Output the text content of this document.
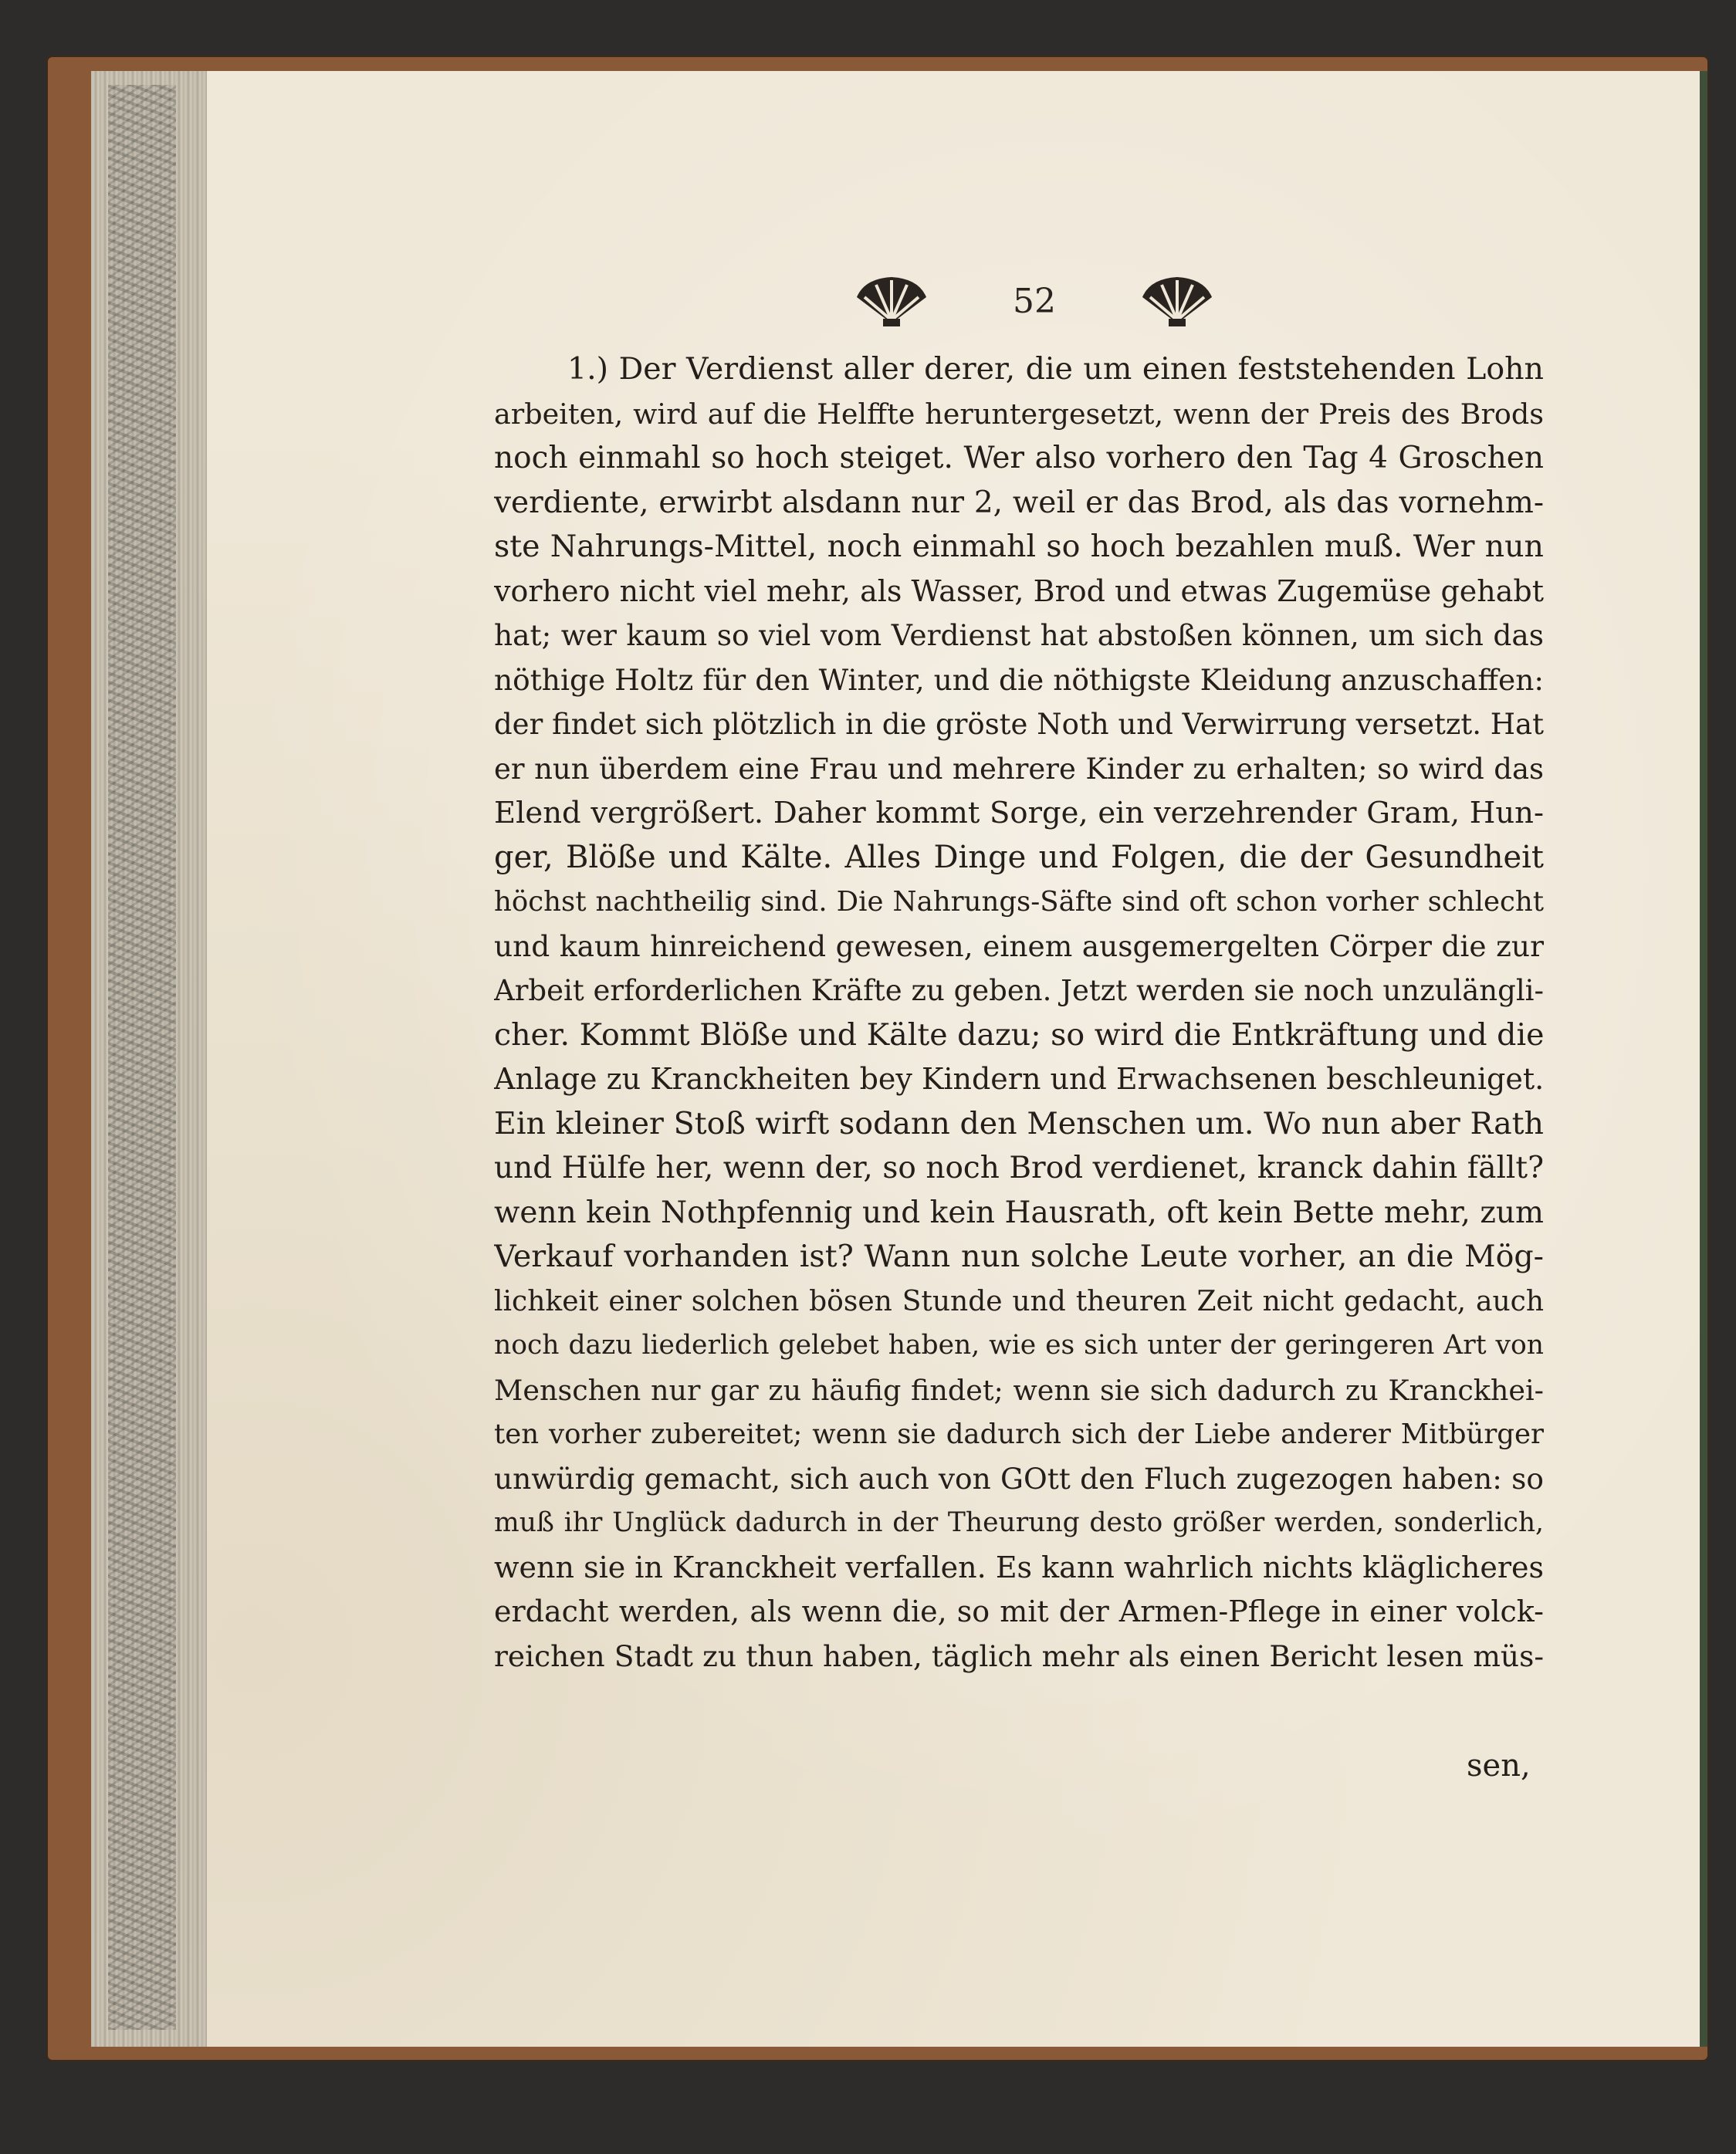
52
1.) Der Verdienst aller derer, die um einen feststehenden Lohn
arbeiten, wird auf die Helffte heruntergesetzt, wenn der Preis des Brods
noch einmahl so hoch steiget. Wer also vorhero den Tag 4 Groschen
verdiente, erwirbt alsdann nur 2, weil er das Brod, als das vornehm-
ste Nahrungs-Mittel, noch einmahl so hoch bezahlen muß. Wer nun
vorhero nicht viel mehr, als Wasser, Brod und etwas Zugemüse gehabt
hat; wer kaum so viel vom Verdienst hat abstoßen können, um sich das
nöthige Holtz für den Winter, und die nöthigste Kleidung anzuschaffen:
der findet sich plötzlich in die gröste Noth und Verwirrung versetzt. Hat
er nun überdem eine Frau und mehrere Kinder zu erhalten; so wird das
Elend vergrößert. Daher kommt Sorge, ein verzehrender Gram, Hun-
ger, Blöße und Kälte. Alles Dinge und Folgen, die der Gesundheit
höchst nachtheilig sind. Die Nahrungs-Säfte sind oft schon vorher schlecht
und kaum hinreichend gewesen, einem ausgemergelten Cörper die zur
Arbeit erforderlichen Kräfte zu geben. Jetzt werden sie noch unzulängli-
cher. Kommt Blöße und Kälte dazu; so wird die Entkräftung und die
Anlage zu Kranckheiten bey Kindern und Erwachsenen beschleuniget.
Ein kleiner Stoß wirft sodann den Menschen um. Wo nun aber Rath
und Hülfe her, wenn der, so noch Brod verdienet, kranck dahin fällt?
wenn kein Nothpfennig und kein Hausrath, oft kein Bette mehr, zum
Verkauf vorhanden ist? Wann nun solche Leute vorher, an die Mög-
lichkeit einer solchen bösen Stunde und theuren Zeit nicht gedacht, auch
noch dazu liederlich gelebet haben, wie es sich unter der geringeren Art von
Menschen nur gar zu häufig findet; wenn sie sich dadurch zu Kranckhei-
ten vorher zubereitet; wenn sie dadurch sich der Liebe anderer Mitbürger
unwürdig gemacht, sich auch von GOtt den Fluch zugezogen haben: so
muß ihr Unglück dadurch in der Theurung desto größer werden, sonderlich,
wenn sie in Kranckheit verfallen. Es kann wahrlich nichts kläglicheres
erdacht werden, als wenn die, so mit der Armen-Pflege in einer volck-
reichen Stadt zu thun haben, täglich mehr als einen Bericht lesen müs-
sen,
